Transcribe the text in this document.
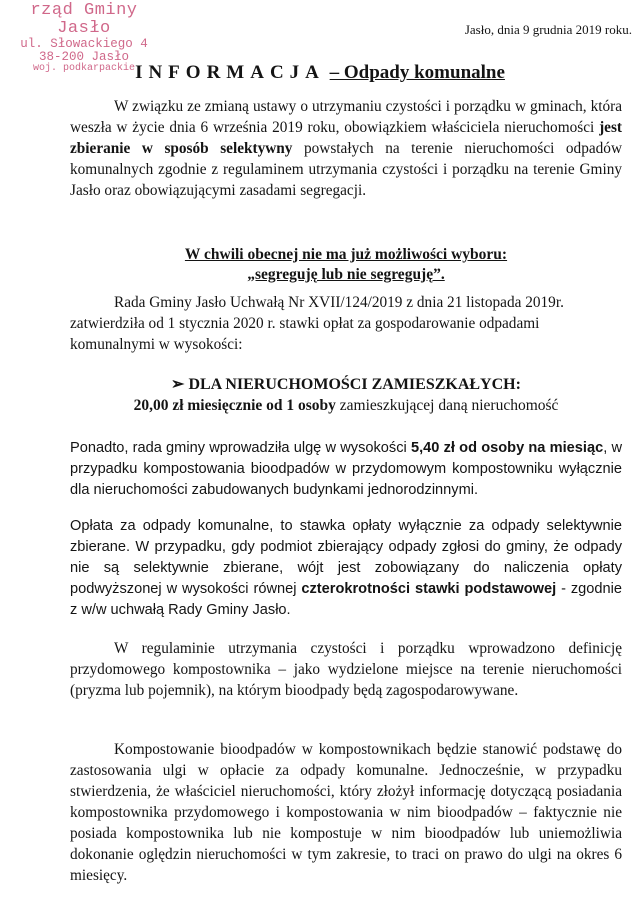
rząd Gminy Jasło
ul. Słowackiego 4
38-200 Jasło
woj. podkarpackie
Jasło, dnia 9 grudnia 2019 roku.
INFORMACJA – Odpady komunalne
W związku ze zmianą ustawy o utrzymaniu czystości i porządku w gminach, która weszła w życie dnia 6 września 2019 roku, obowiązkiem właściciela nieruchomości jest zbieranie w sposób selektywny powstałych na terenie nieruchomości odpadów komunalnych zgodnie z regulaminem utrzymania czystości i porządku na terenie Gminy Jasło oraz obowiązującymi zasadami segregacji.
W chwili obecnej nie ma już możliwości wyboru:
„segreguję lub nie segreguję”.
Rada Gminy Jasło Uchwałą Nr XVII/124/2019 z dnia 21 listopada 2019r. zatwierdziła od 1 stycznia 2020 r. stawki opłat za gospodarowanie odpadami komunalnymi w wysokości:
➢ DLA NIERUCHOMOŚCI ZAMIESZKAŁYCH:
20,00 zł miesięcznie od 1 osoby zamieszkującej daną nieruchomość
Ponadto, rada gminy wprowadziła ulgę w wysokości 5,40 zł od osoby na miesiąc, w przypadku kompostowania bioodpadów w przydomowym kompostowniku wyłącznie dla nieruchomości zabudowanych budynkami jednorodzinnymi.
Opłata za odpady komunalne, to stawka opłaty wyłącznie za odpady selektywnie zbierane. W przypadku, gdy podmiot zbierający odpady zgłosi do gminy, że odpady nie są selektywnie zbierane, wójt jest zobowiązany do naliczenia opłaty podwyższonej w wysokości równej czterokrotności stawki podstawowej - zgodnie z w/w uchwałą Rady Gminy Jasło.
W regulaminie utrzymania czystości i porządku wprowadzono definicję przydomowego kompostownika – jako wydzielone miejsce na terenie nieruchomości (pryzma lub pojemnik), na którym bioodpady będą zagospodarowywane.
Kompostowanie bioodpadów w kompostownikach będzie stanowić podstawę do zastosowania ulgi w opłacie za odpady komunalne. Jednocześnie, w przypadku stwierdzenia, że właściciel nieruchomości, który złożył informację dotyczącą posiadania kompostownika przydomowego i kompostowania w nim bioodpadów – faktycznie nie posiada kompostownika lub nie kompostuje w nim bioodpadów lub uniemożliwia dokonanie oględzin nieruchomości w tym zakresie, to traci on prawo do ulgi na okres 6 miesięcy.
